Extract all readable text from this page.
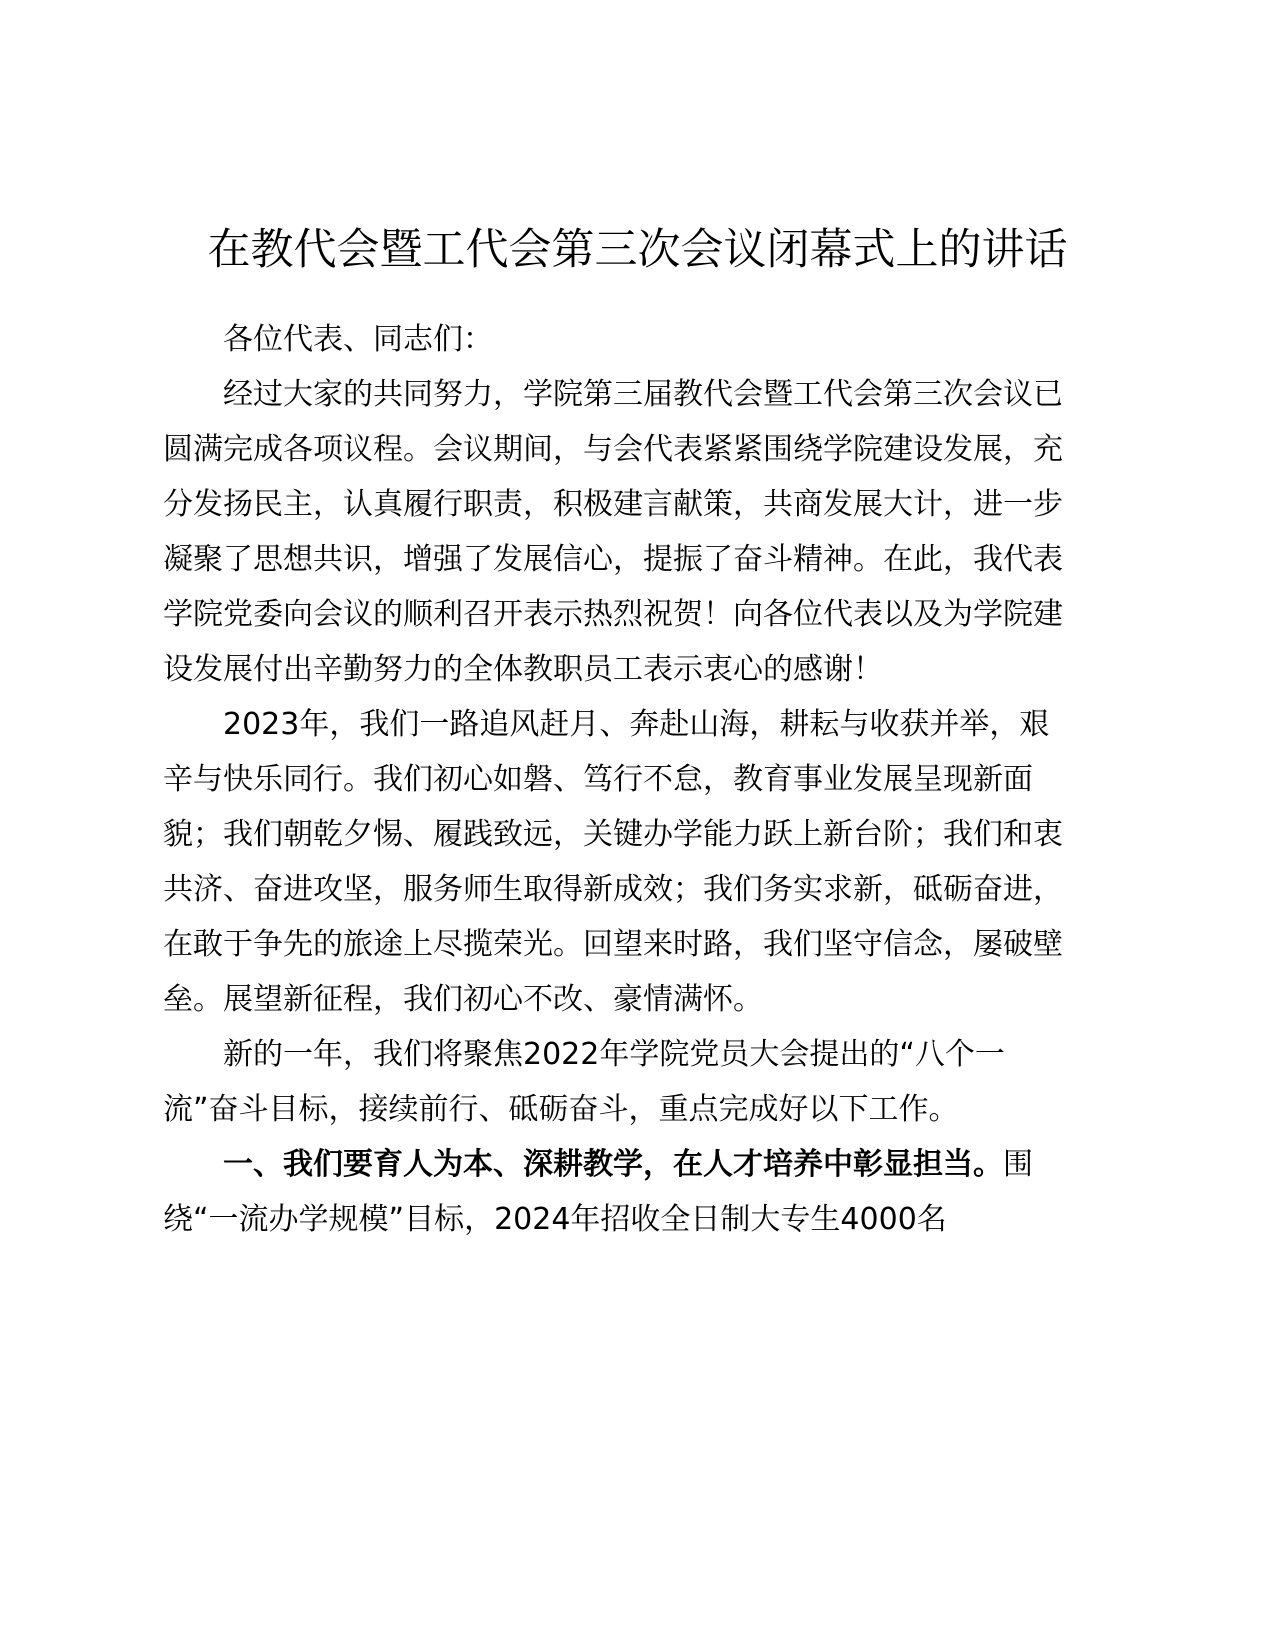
在教代会暨工代会第三次会议闭幕式上的讲话

各位代表、同志们：

经过大家的共同努力，学院第三届教代会暨工代会第三次会议已圆满完成各项议程。会议期间，与会代表紧紧围绕学院建设发展，充分发扬民主，认真履行职责，积极建言献策，共商发展大计，进一步凝聚了思想共识，增强了发展信心，提振了奋斗精神。在此，我代表学院党委向会议的顺利召开表示热烈祝贺！向各位代表以及为学院建设发展付出辛勤努力的全体教职员工表示衷心的感谢！

2023年，我们一路追风赶月、奔赴山海，耕耘与收获并举，艰辛与快乐同行。我们初心如磐、笃行不怠，教育事业发展呈现新面貌；我们朝乾夕惕、履践致远，关键办学能力跃上新台阶；我们和衷共济、奋进攻坚，服务师生取得新成效；我们务实求新，砥砺奋进，在敢于争先的旅途上尽揽荣光。回望来时路，我们坚守信念，屡破壁垒。展望新征程，我们初心不改、豪情满怀。

新的一年，我们将聚焦2022年学院党员大会提出的“八个一流”奋斗目标，接续前行、砥砺奋斗，重点完成好以下工作。

一、我们要育人为本、深耕教学，在人才培养中彰显担当。围绕“一流办学规模”目标，2024年招收全日制大专生4000名
